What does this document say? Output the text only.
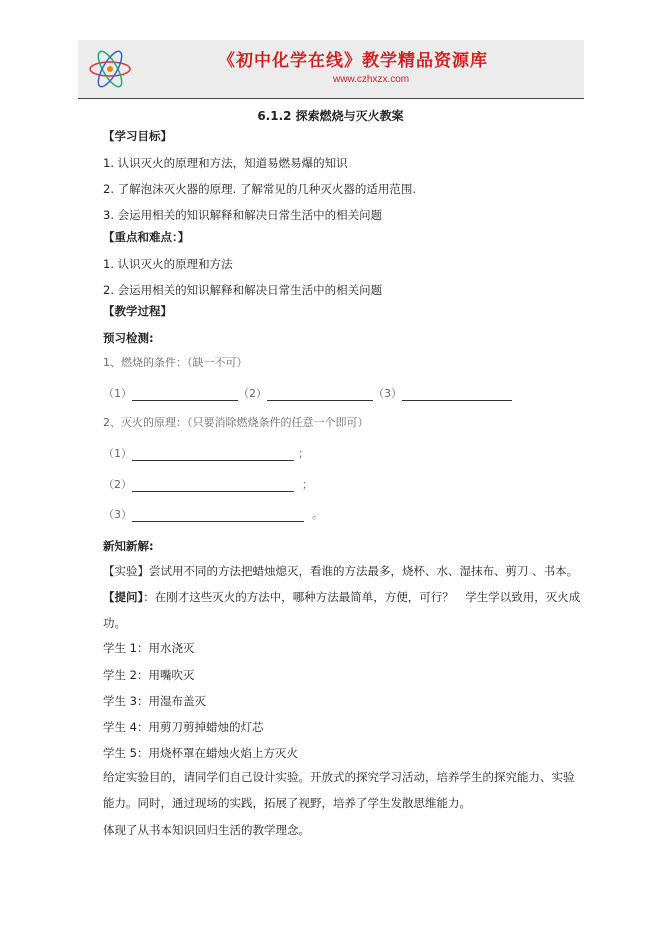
《初中化学在线》教学精品资源库
www.czhxzx.com
6.1.2 探索燃烧与灭火教案
【学习目标】
1. 认识灭火的原理和方法，知道易燃易爆的知识
2. 了解泡沫灭火器的原理. 了解常见的几种灭火器的适用范围.
3. 会运用相关的知识解释和解决日常生活中的相关问题
【重点和难点：】
1. 认识灭火的原理和方法
2. 会运用相关的知识解释和解决日常生活中的相关问题
【教学过程】
预习检测:
1、燃烧的条件：（缺一不可）
（1）	（2）	（3）
2、灭火的原理：（只要消除燃烧条件的任意一个即可）
（1）	；
（2）	；
（3）	。
新知新解:
【实验】尝试用不同的方法把蜡烛熄灭，看谁的方法最多，烧杯、水、湿抹布、剪刀 、书本。
【提问】：在刚才这些灭火的方法中，哪种方法最简单，方便，可行？　学生学以致用，灭火成功。
学生 1：用水浇灭
学生 2：用嘴吹灭
学生 3：用湿布盖灭
学生 4：用剪刀剪掉蜡烛的灯芯
学生 5：用烧杯罩在蜡烛火焰上方灭火
给定实验目的，请同学们自己设计实验。开放式的探究学习活动，培养学生的探究能力、实验能力。同时，通过现场的实践，拓展了视野，培养了学生发散思维能力。
体现了从书本知识回归生活的教学理念。
